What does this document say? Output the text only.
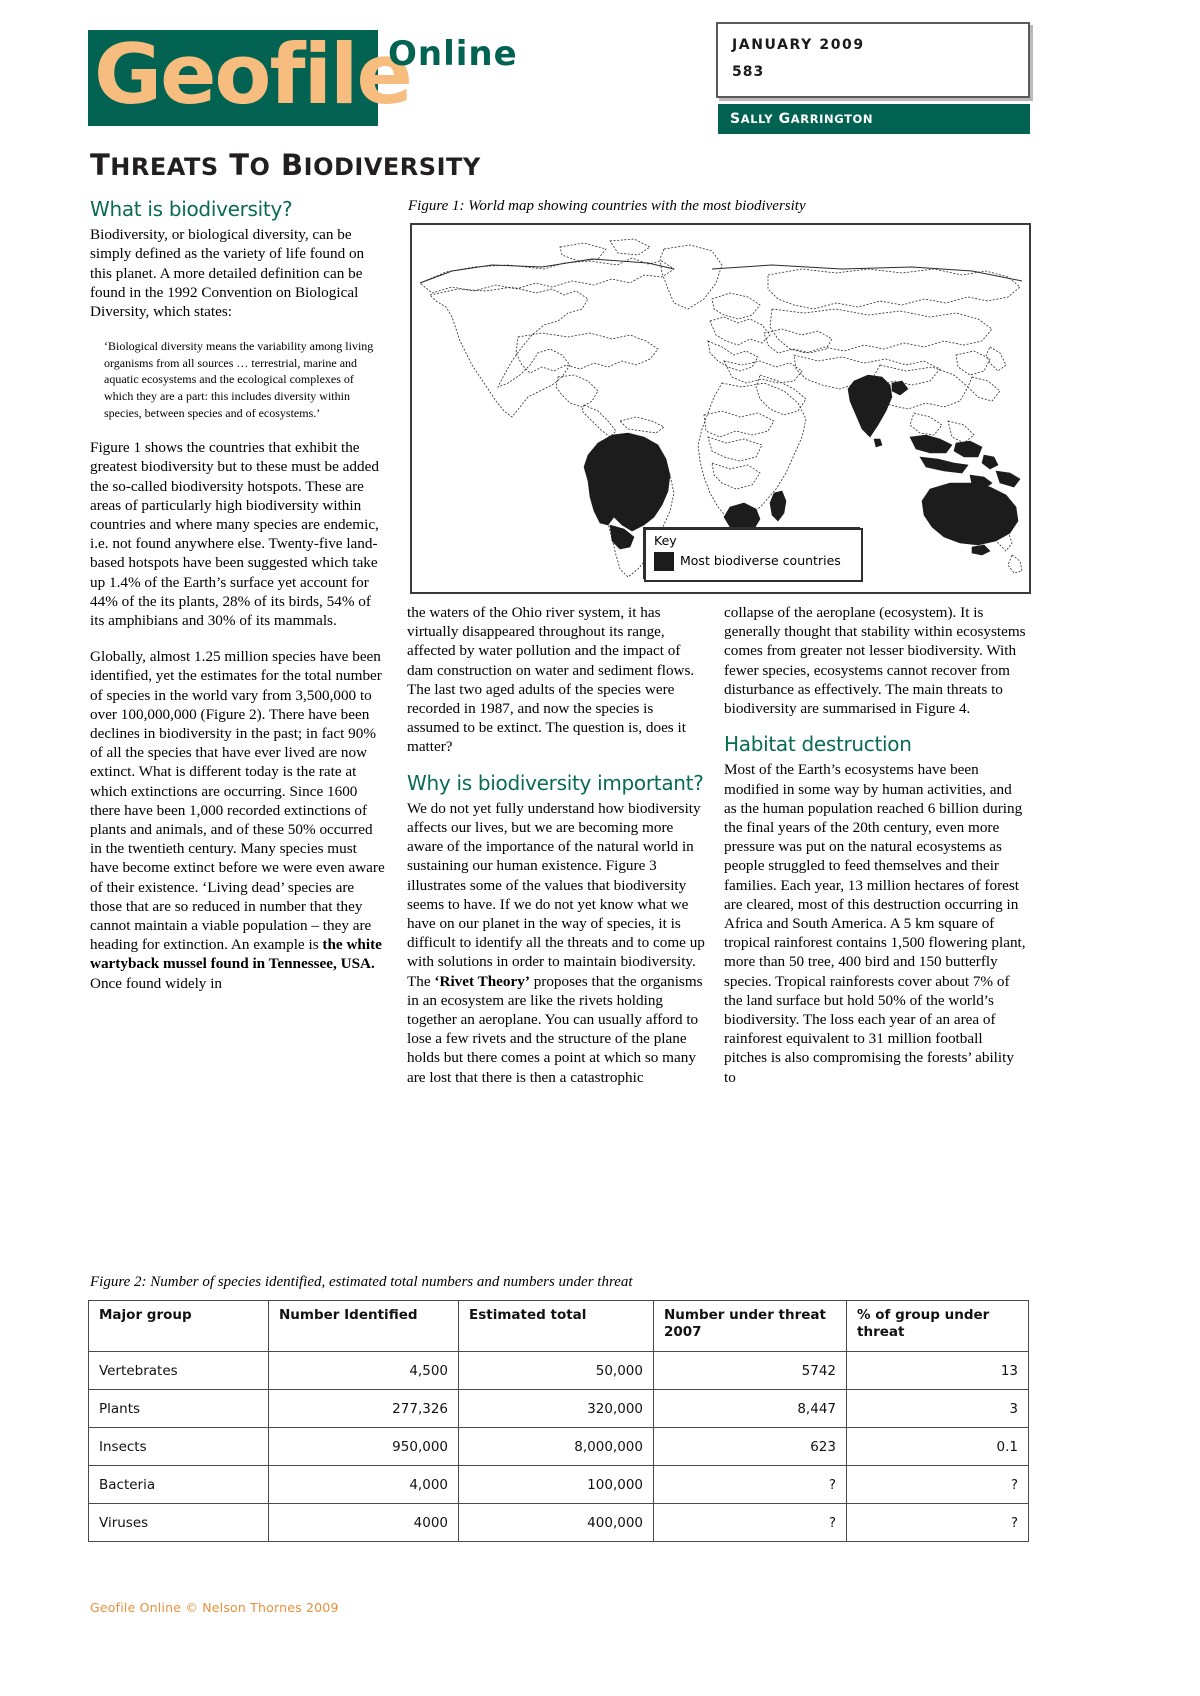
Geofile
Online	JANUARY 2009
583
SALLY GARRINGTON
THREATS TO BIODIVERSITY
What is biodiversity?

Biodiversity, or biological diversity, can be simply defined as the variety of life found on this planet. A more detailed definition can be found in the 1992 Convention on Biological Diversity, which states:

‘Biological diversity means the variability among living organisms from all sources … terrestrial, marine and aquatic ecosystems and the ecological complexes of which they are a part: this includes diversity within species, between species and of ecosystems.’

Figure 1 shows the countries that exhibit the greatest biodiversity but to these must be added the so-called biodiversity hotspots. These are areas of particularly high biodiversity within countries and where many species are endemic, i.e. not found anywhere else. Twenty-five land-based hotspots have been suggested which take up 1.4% of the Earth’s surface yet account for 44% of the its plants, 28% of its birds, 54% of its amphibians and 30% of its mammals.

Globally, almost 1.25 million species have been identified, yet the estimates for the total number of species in the world vary from 3,500,000 to over 100,000,000 (Figure 2). There have been declines in biodiversity in the past; in fact 90% of all the species that have ever lived are now extinct. What is different today is the rate at which extinctions are occurring. Since 1600 there have been 1,000 recorded extinctions of plants and animals, and of these 50% occurred in the twentieth century. Many species must have become extinct before we were even aware of their existence. ‘Living dead’ species are those that are so reduced in number that they cannot maintain a viable population – they are heading for extinction. An example is the white wartyback mussel found in Tennessee, USA. Once found widely in

Figure 1: World map showing countries with the most biodiversity
Key
Most biodiverse countries

the waters of the Ohio river system, it has virtually disappeared throughout its range, affected by water pollution and the impact of dam construction on water and sediment flows. The last two aged adults of the species were recorded in 1987, and now the species is assumed to be extinct. The question is, does it matter?

Why is biodiversity important?

We do not yet fully understand how biodiversity affects our lives, but we are becoming more aware of the importance of the natural world in sustaining our human existence. Figure 3 illustrates some of the values that biodiversity seems to have. If we do not yet know what we have on our planet in the way of species, it is difficult to identify all the threats and to come up with solutions in order to maintain biodiversity. The ‘Rivet Theory’ proposes that the organisms in an ecosystem are like the rivets holding together an aeroplane. You can usually afford to lose a few rivets and the structure of the plane holds but there comes a point at which so many are lost that there is then a catastrophic

collapse of the aeroplane (ecosystem). It is generally thought that stability within ecosystems comes from greater not lesser biodiversity. With fewer species, ecosystems cannot recover from disturbance as effectively. The main threats to biodiversity are summarised in Figure 4.

Habitat destruction

Most of the Earth’s ecosystems have been modified in some way by human activities, and as the human population reached 6 billion during the final years of the 20th century, even more pressure was put on the natural ecosystems as people struggled to feed themselves and their families. Each year, 13 million hectares of forest are cleared, most of this destruction occurring in Africa and South America. A 5 km square of tropical rainforest contains 1,500 flowering plant, more than 50 tree, 400 bird and 150 butterfly species. Tropical rainforests cover about 7% of the land surface but hold 50% of the world’s biodiversity. The loss each year of an area of rainforest equivalent to 31 million football pitches is also compromising the forests’ ability to

Figure 2: Number of species identified, estimated total numbers and numbers under threat
Major group	Number Identified	Estimated total	Number under threat 2007	% of group under threat
Vertebrates	4,500	50,000	5742	13
Plants	277,326	320,000	8,447	3
Insects	950,000	8,000,000	623	0.1
Bacteria	4,000	100,000	?	?
Viruses	4000	400,000	?	?
Geofile Online © Nelson Thornes 2009
